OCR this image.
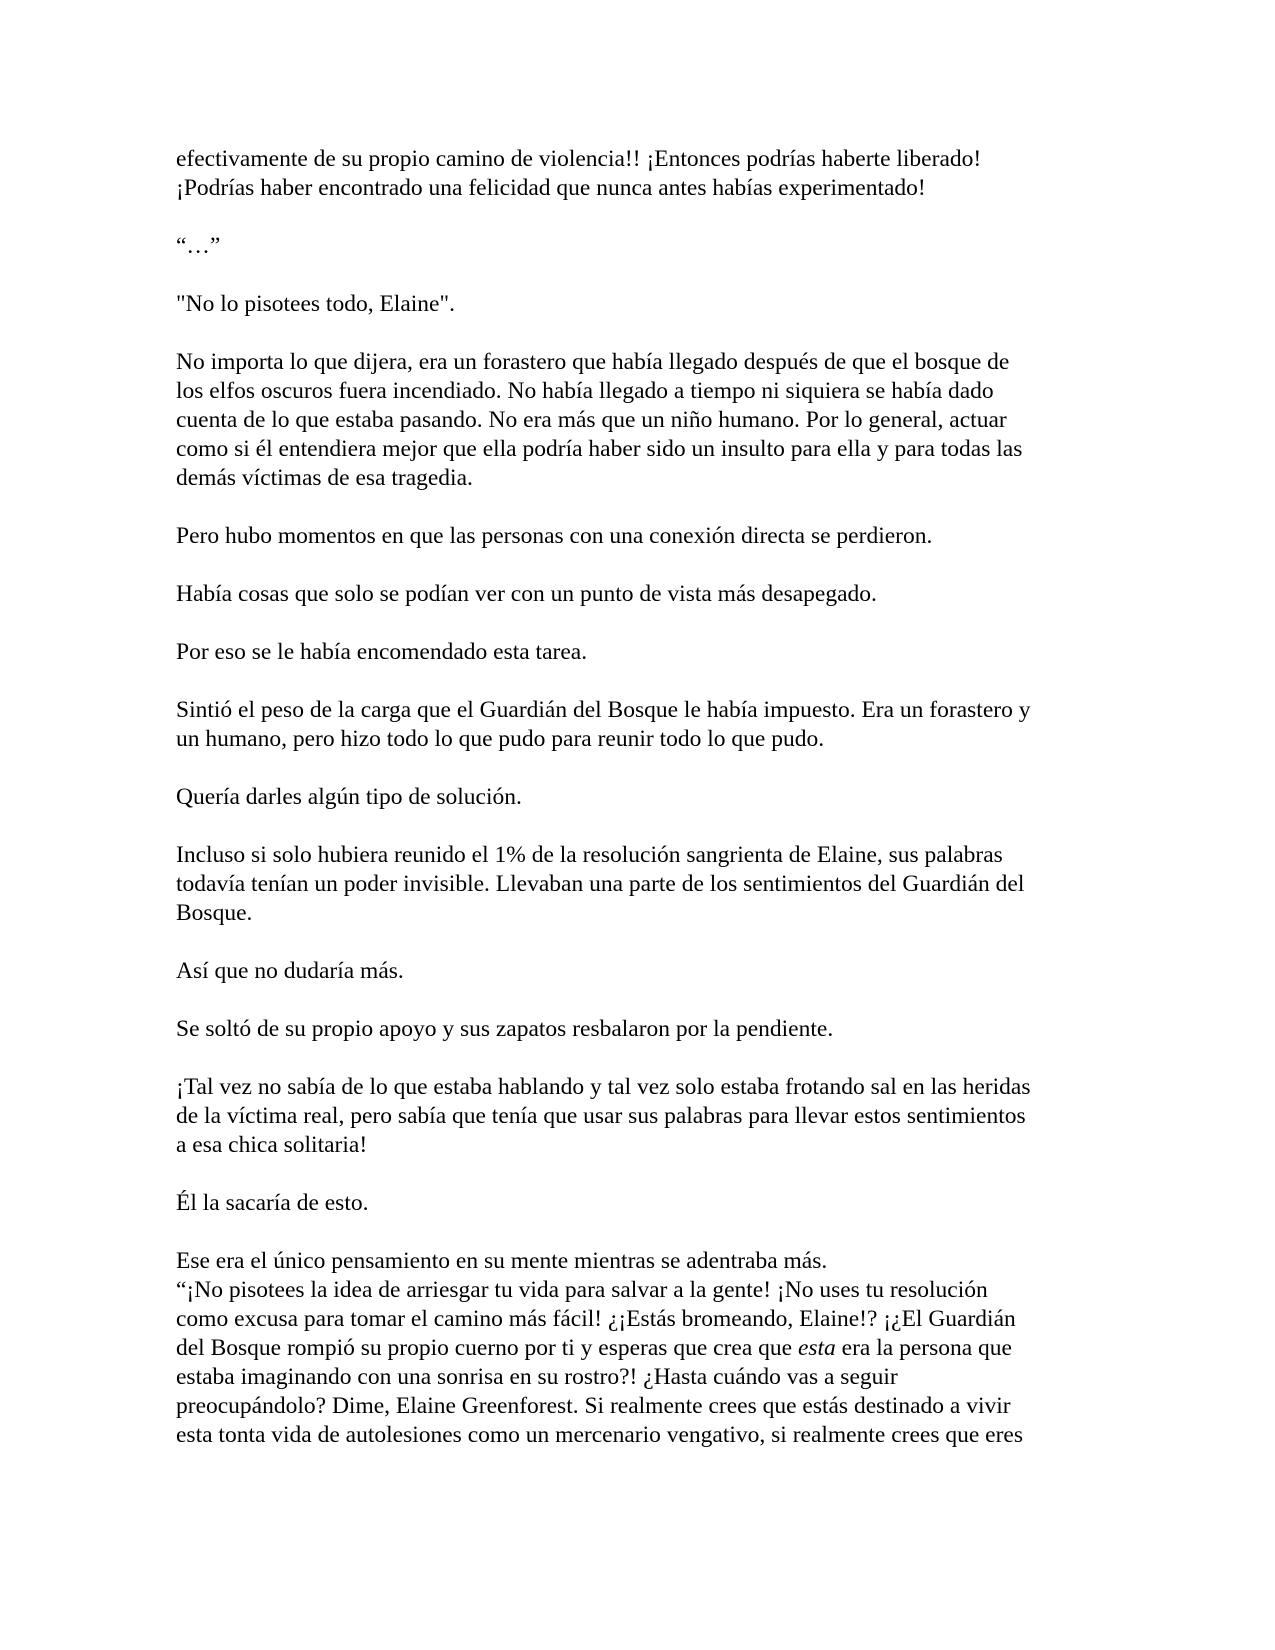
efectivamente de su propio camino de violencia!! ¡Entonces podrías haberte liberado!
¡Podrías haber encontrado una felicidad que nunca antes habías experimentado!

“…”

"No lo pisotees todo, Elaine".

No importa lo que dijera, era un forastero que había llegado después de que el bosque de
los elfos oscuros fuera incendiado. No había llegado a tiempo ni siquiera se había dado
cuenta de lo que estaba pasando. No era más que un niño humano. Por lo general, actuar
como si él entendiera mejor que ella podría haber sido un insulto para ella y para todas las
demás víctimas de esa tragedia.

Pero hubo momentos en que las personas con una conexión directa se perdieron.

Había cosas que solo se podían ver con un punto de vista más desapegado.

Por eso se le había encomendado esta tarea.

Sintió el peso de la carga que el Guardián del Bosque le había impuesto. Era un forastero y
un humano, pero hizo todo lo que pudo para reunir todo lo que pudo.

Quería darles algún tipo de solución.

Incluso si solo hubiera reunido el 1% de la resolución sangrienta de Elaine, sus palabras
todavía tenían un poder invisible. Llevaban una parte de los sentimientos del Guardián del
Bosque.

Así que no dudaría más.

Se soltó de su propio apoyo y sus zapatos resbalaron por la pendiente.

¡Tal vez no sabía de lo que estaba hablando y tal vez solo estaba frotando sal en las heridas
de la víctima real, pero sabía que tenía que usar sus palabras para llevar estos sentimientos
a esa chica solitaria!

Él la sacaría de esto.

Ese era el único pensamiento en su mente mientras se adentraba más.

“¡No pisotees la idea de arriesgar tu vida para salvar a la gente! ¡No uses tu resolución
como excusa para tomar el camino más fácil! ¿¡Estás bromeando, Elaine!? ¡¿El Guardián
del Bosque rompió su propio cuerno por ti y esperas que crea que esta era la persona que
estaba imaginando con una sonrisa en su rostro?! ¿Hasta cuándo vas a seguir
preocupándolo? Dime, Elaine Greenforest. Si realmente crees que estás destinado a vivir
esta tonta vida de autolesiones como un mercenario vengativo, si realmente crees que eres
